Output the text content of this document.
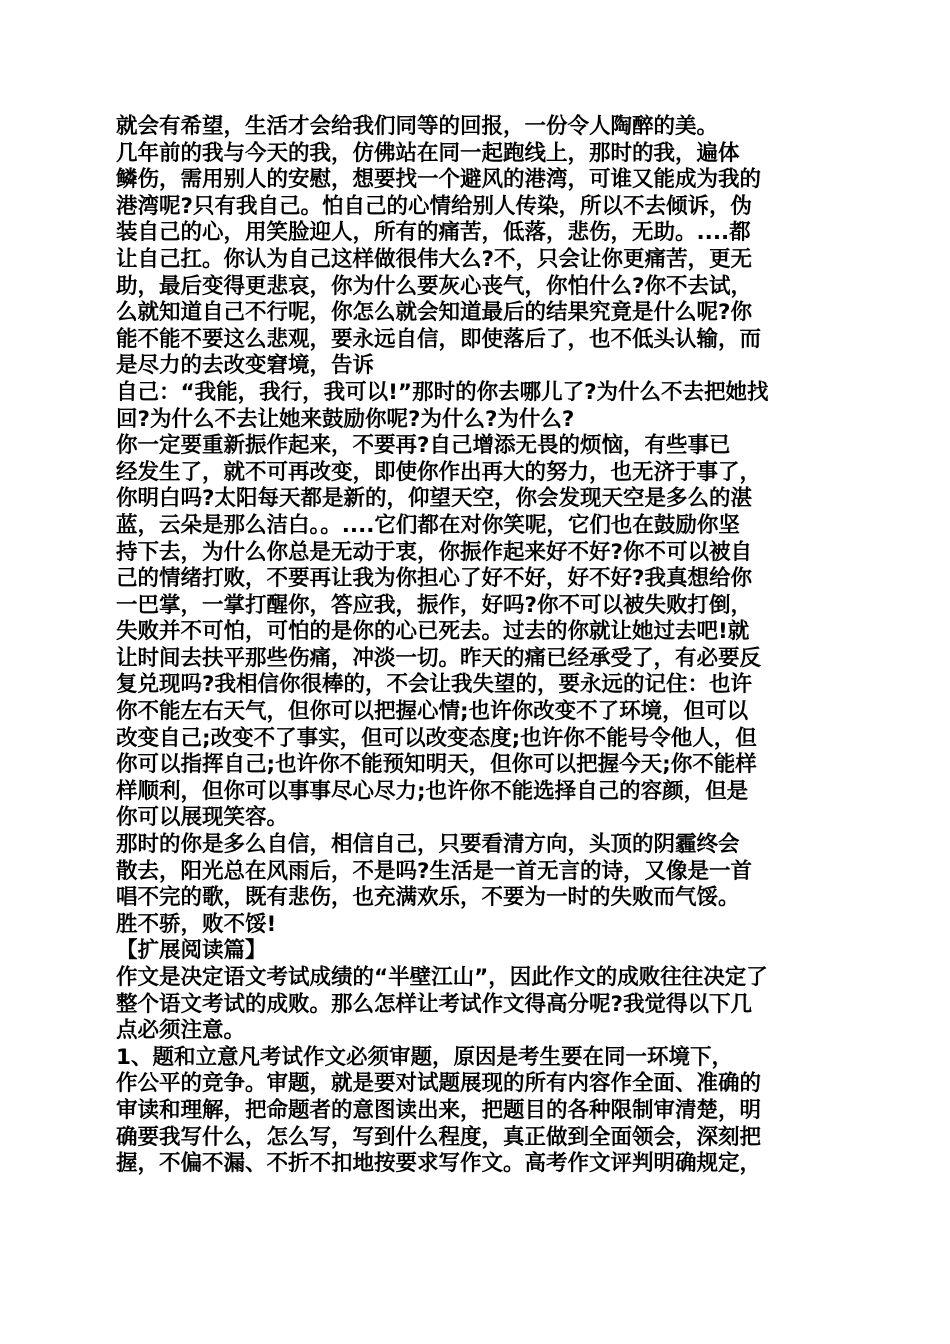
就会有希望，生活才会给我们同等的回报，一份令人陶醉的美。
几年前的我与今天的我，仿佛站在同一起跑线上，那时的我，遍体
鳞伤，需用别人的安慰，想要找一个避风的港湾，可谁又能成为我的
港湾呢?只有我自己。怕自己的心情给别人传染，所以不去倾诉，伪
装自己的心，用笑脸迎人，所有的痛苦，低落，悲伤，无助。....都
让自己扛。你认为自己这样做很伟大么?不，只会让你更痛苦，更无
助，最后变得更悲哀，你为什么要灰心丧气，你怕什么?你不去试，
么就知道自己不行呢，你怎么就会知道最后的结果究竟是什么呢?你
能不能不要这么悲观，要永远自信，即使落后了，也不低头认输，而
是尽力的去改变窘境，告诉
自己：“我能，我行，我可以!”那时的你去哪儿了?为什么不去把她找
回?为什么不去让她来鼓励你呢?为什么?为什么?
你一定要重新振作起来，不要再?自己增添无畏的烦恼，有些事已
经发生了，就不可再改变，即使你作出再大的努力，也无济于事了，
你明白吗?太阳每天都是新的，仰望天空，你会发现天空是多么的湛
蓝，云朵是那么洁白。。....它们都在对你笑呢，它们也在鼓励你坚
持下去，为什么你总是无动于衷，你振作起来好不好?你不可以被自
己的情绪打败，不要再让我为你担心了好不好，好不好?我真想给你
一巴掌，一掌打醒你，答应我，振作，好吗?你不可以被失败打倒，
失败并不可怕，可怕的是你的心已死去。过去的你就让她过去吧!就
让时间去扶平那些伤痛，冲淡一切。昨天的痛已经承受了，有必要反
复兑现吗?我相信你很棒的，不会让我失望的，要永远的记住：也许
你不能左右天气，但你可以把握心情;也许你改变不了环境，但可以
改变自己;改变不了事实，但可以改变态度;也许你不能号令他人，但
你可以指挥自己;也许你不能预知明天，但你可以把握今天;你不能样
样顺利，但你可以事事尽心尽力;也许你不能选择自己的容颜，但是
你可以展现笑容。
那时的你是多么自信，相信自己，只要看清方向，头顶的阴霾终会
散去，阳光总在风雨后，不是吗?生活是一首无言的诗，又像是一首
唱不完的歌，既有悲伤，也充满欢乐，不要为一时的失败而气馁。
胜不骄，败不馁!
【扩展阅读篇】
作文是决定语文考试成绩的“半壁江山”，因此作文的成败往往决定了
整个语文考试的成败。那么怎样让考试作文得高分呢?我觉得以下几
点必须注意。
1、题和立意凡考试作文必须审题，原因是考生要在同一环境下，
作公平的竞争。审题，就是要对试题展现的所有内容作全面、准确的
审读和理解，把命题者的意图读出来，把题目的各种限制审清楚，明
确要我写什么，怎么写，写到什么程度，真正做到全面领会，深刻把
握，不偏不漏、不折不扣地按要求写作文。高考作文评判明确规定，
